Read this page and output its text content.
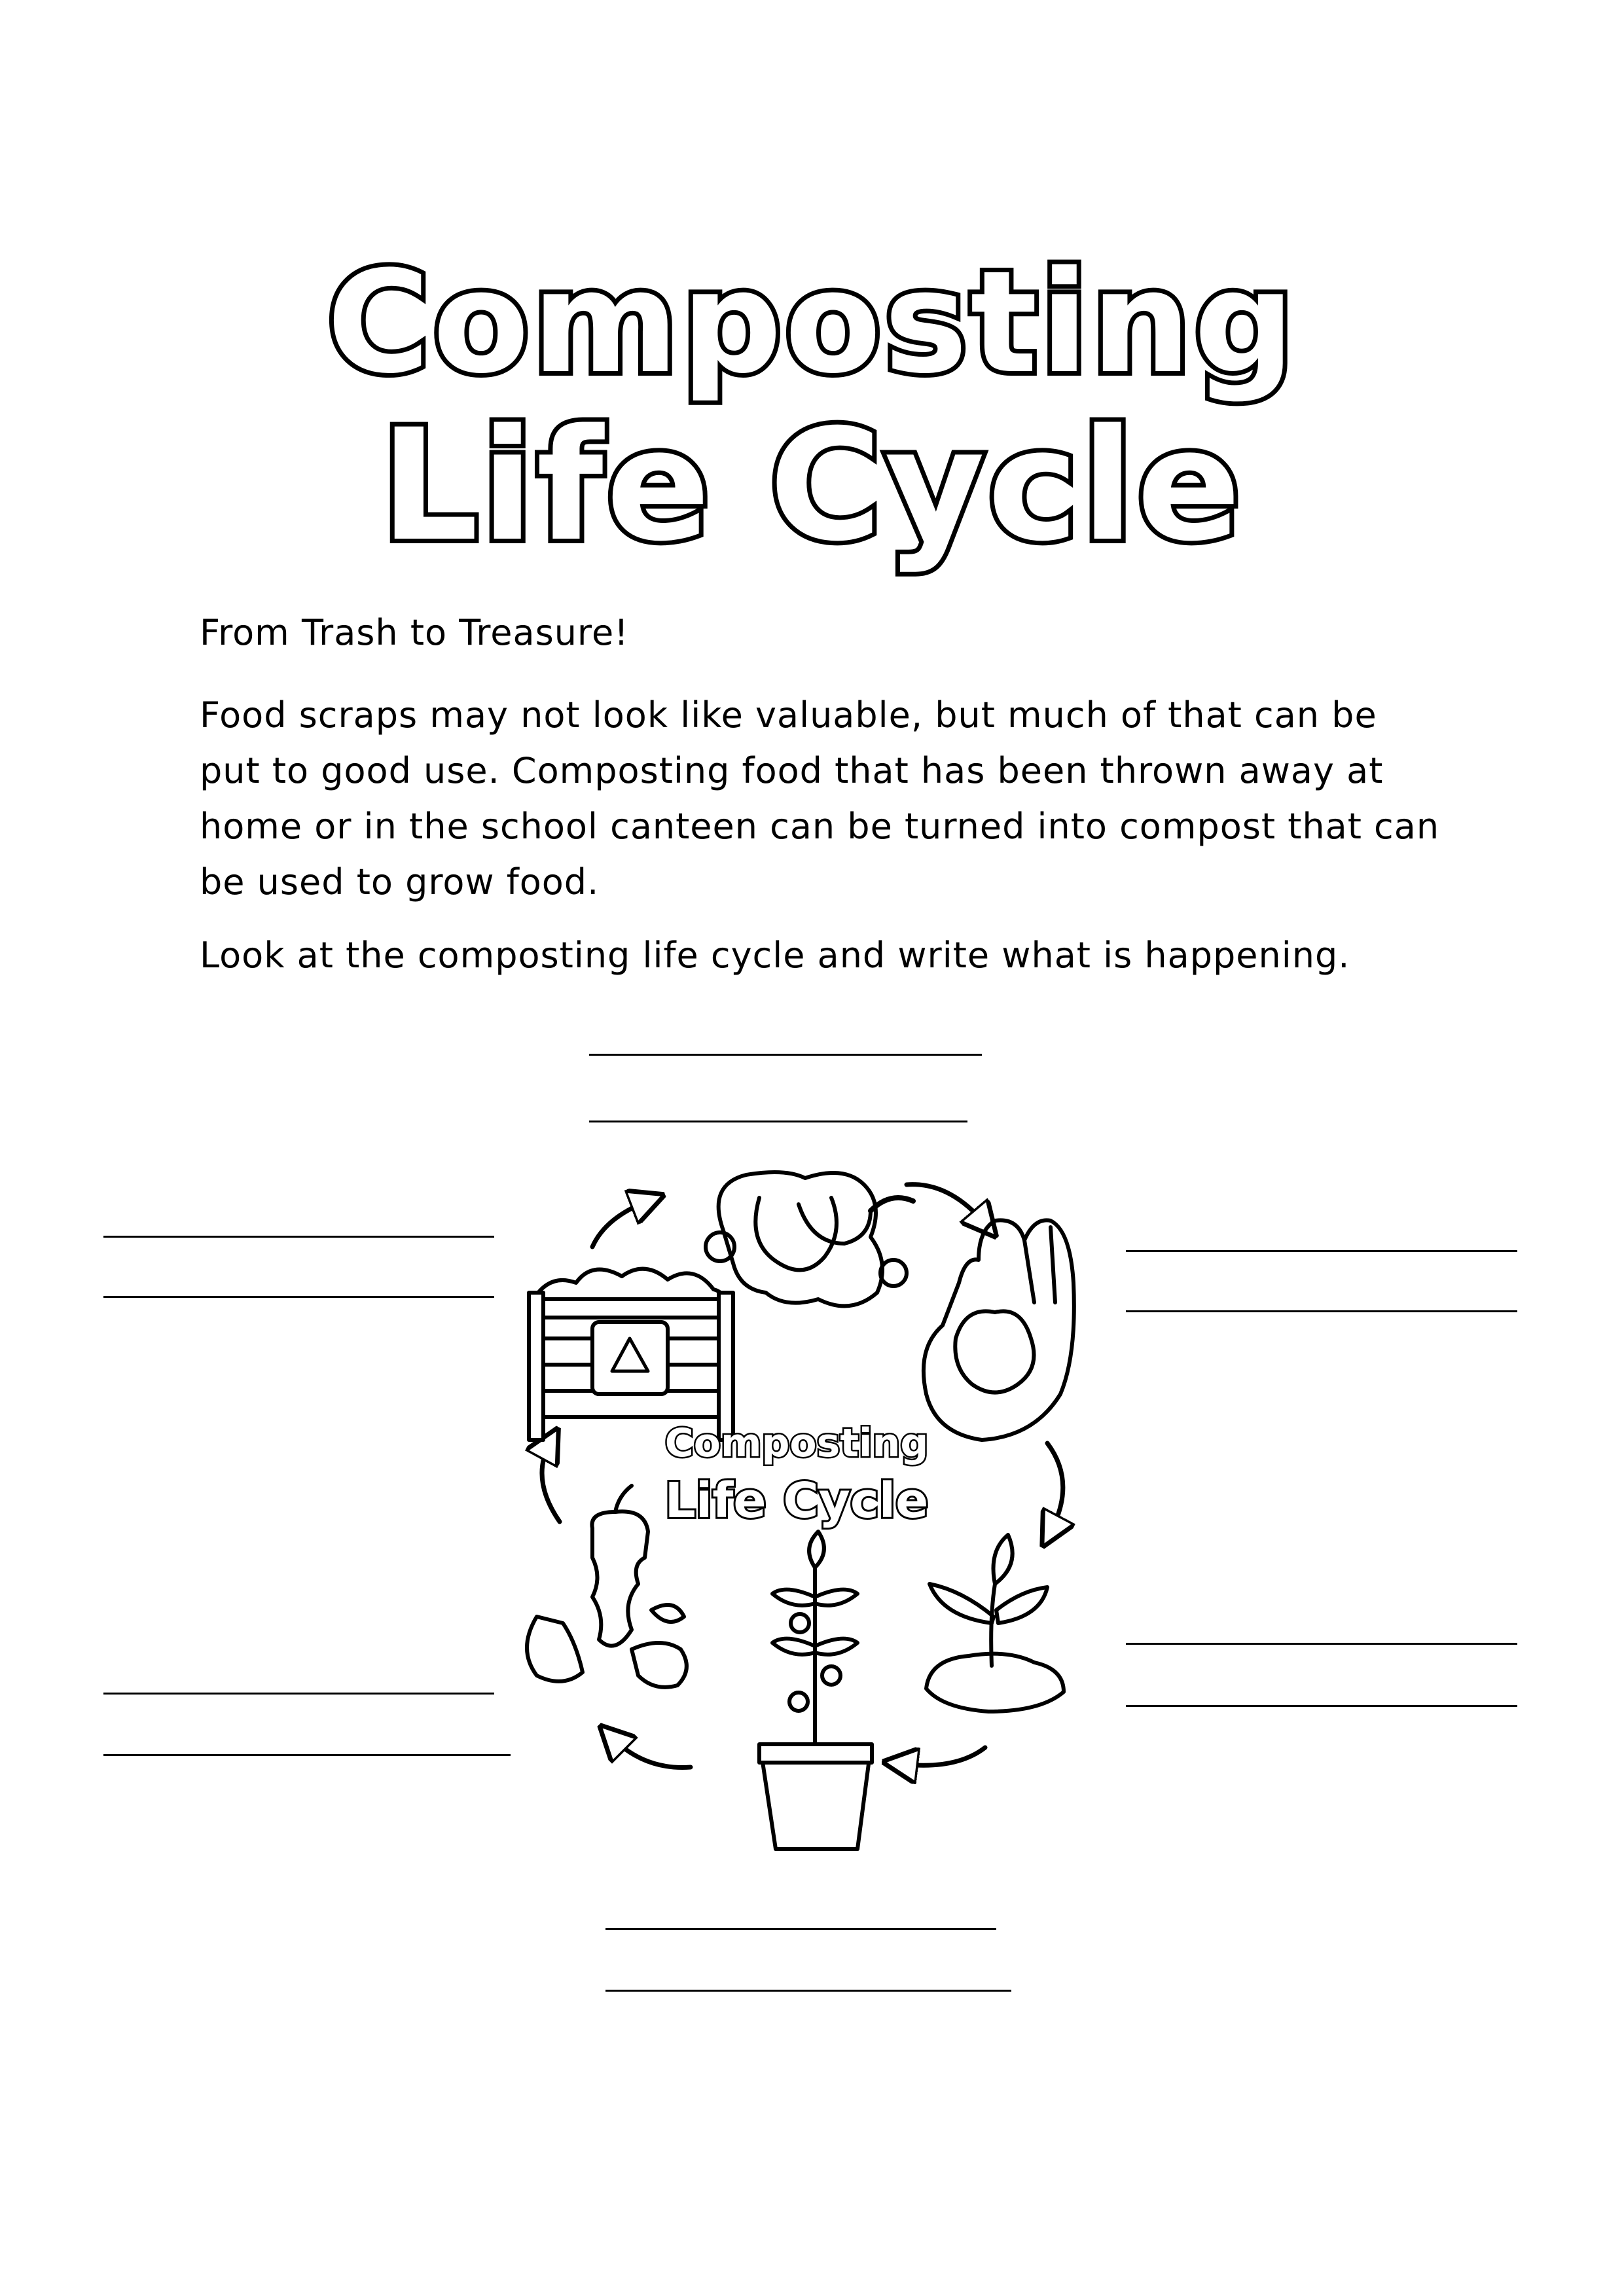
Composting
Life Cycle
From Trash to Treasure!
Food scraps may not look like valuable, but much of that can be put to good use. Composting food that has been thrown away at home or in the school canteen can be turned into compost that can be used to grow food.
Look at the composting life cycle and write what is happening.
Composting
Life Cycle
